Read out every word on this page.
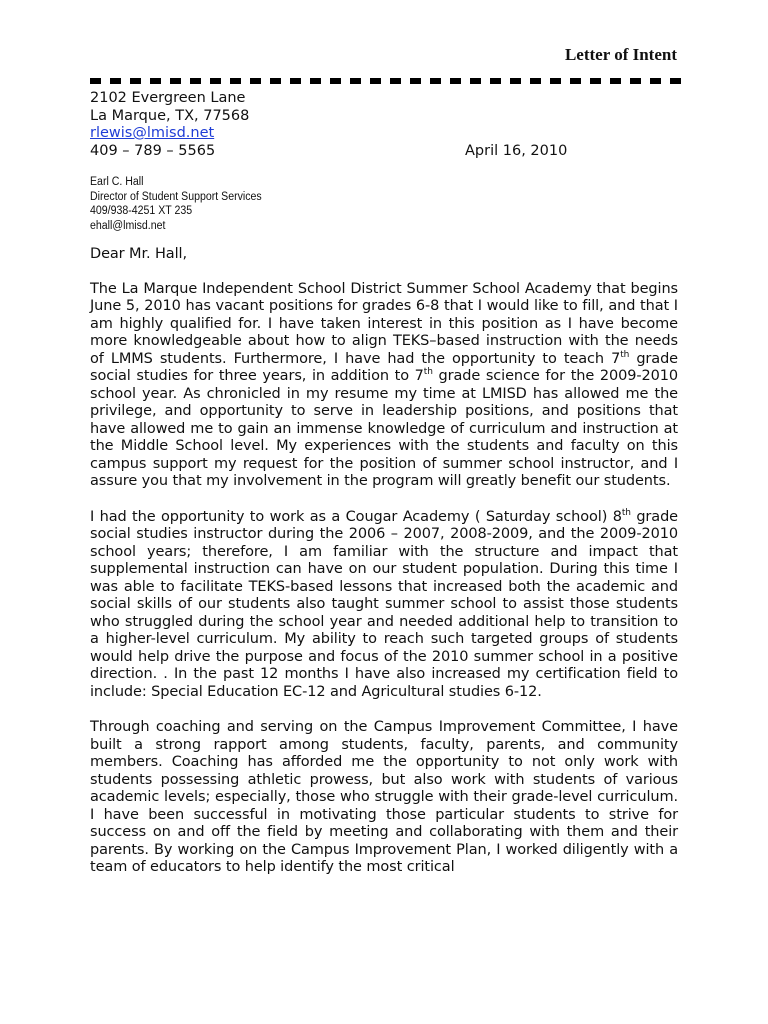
Letter of Intent
2102 Evergreen Lane
La Marque, TX, 77568
rlewis@lmisd.net
409 – 789 – 5565	April 16, 2010
Earl C. Hall
Director of Student Support Services
409/938-4251 XT 235
ehall@lmisd.net

Dear Mr. Hall,

The La Marque Independent School District Summer School Academy that begins June 5, 2010 has vacant positions for grades 6-8 that I would like to fill, and that I am highly qualified for. I have taken interest in this position as I have become more knowledgeable about how to align TEKS–based instruction with the needs of LMMS students. Furthermore, I have had the opportunity to teach 7th grade social studies for three years, in addition to 7th grade science for the 2009-2010 school year. As chronicled in my resume my time at LMISD has allowed me the privilege, and opportunity to serve in leadership positions, and positions that have allowed me to gain an immense knowledge of curriculum and instruction at the Middle School level. My experiences with the students and faculty on this campus support my request for the position of summer school instructor, and I assure you that my involvement in the program will greatly benefit our students.

I had the opportunity to work as a Cougar Academy ( Saturday school) 8th grade social studies instructor during the 2006 – 2007, 2008-2009, and the 2009-2010 school years; therefore, I am familiar with the structure and impact that supplemental instruction can have on our student population. During this time I was able to facilitate TEKS-based lessons that increased both the academic and social skills of our students also taught summer school to assist those students who struggled during the school year and needed additional help to transition to a higher-level curriculum. My ability to reach such targeted groups of students would help drive the purpose and focus of the 2010 summer school in a positive direction. . In the past 12 months I have also increased my certification field to include: Special Education EC-12 and Agricultural studies 6-12.

Through coaching and serving on the Campus Improvement Committee, I have built a strong rapport among students, faculty, parents, and community members. Coaching has afforded me the opportunity to not only work with students possessing athletic prowess, but also work with students of various academic levels; especially, those who struggle with their grade-level curriculum. I have been successful in motivating those particular students to strive for success on and off the field by meeting and collaborating with them and their parents. By working on the Campus Improvement Plan, I worked diligently with a team of educators to help identify the most critical
